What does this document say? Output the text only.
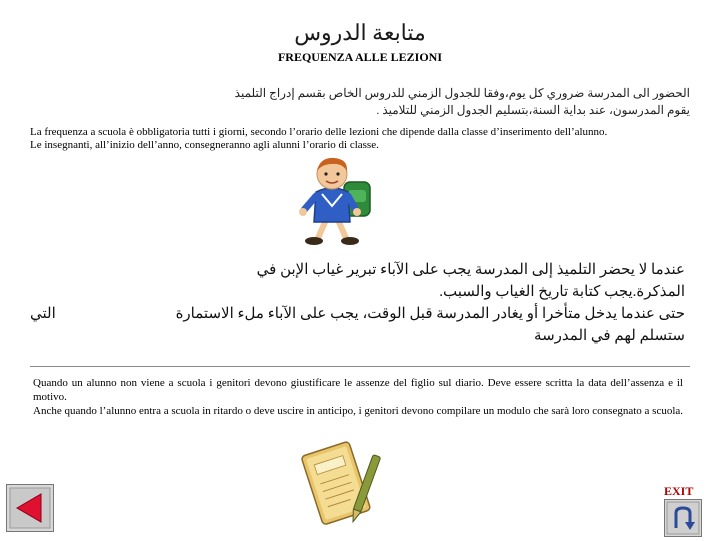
متابعة الدروس
FREQUENZA ALLE LEZIONI
الحضور الى المدرسة ضروري كل يوم،وفقا للجدول الزمني للدروس الخاص بقسم إدراج التلميذ
يقوم المدرسون، عند بداية السنة،بتسليم الجدول الزمني للتلاميذ .
La frequenza a scuola è obbligatoria tutti i giorni, secondo l’orario delle lezioni che dipende dalla classe d’inserimento dell’alunno.
Le insegnanti, all’inizio dell’anno, consegneranno agli alunni l’orario di classe.
عندما لا يحضر التلميذ إلى المدرسة يجب على الآباء تبرير غياب الإبن في
المذكرة.يجب كتابة تاريخ الغياب والسبب.
حتى عندما يدخل متأخرا أو يغادر المدرسة قبل الوقت، يجب على الآباء ملء الاستمارة
التي
ستسلم لهم في المدرسة
Quando un alunno non viene a scuola i genitori devono giustificare le assenze del figlio sul diario. Deve essere scritta la data dell’assenza e il motivo.
Anche quando l’alunno entra a scuola in ritardo o deve uscire in anticipo, i genitori devono compilare un modulo che sarà loro consegnato a scuola.
EXIT
